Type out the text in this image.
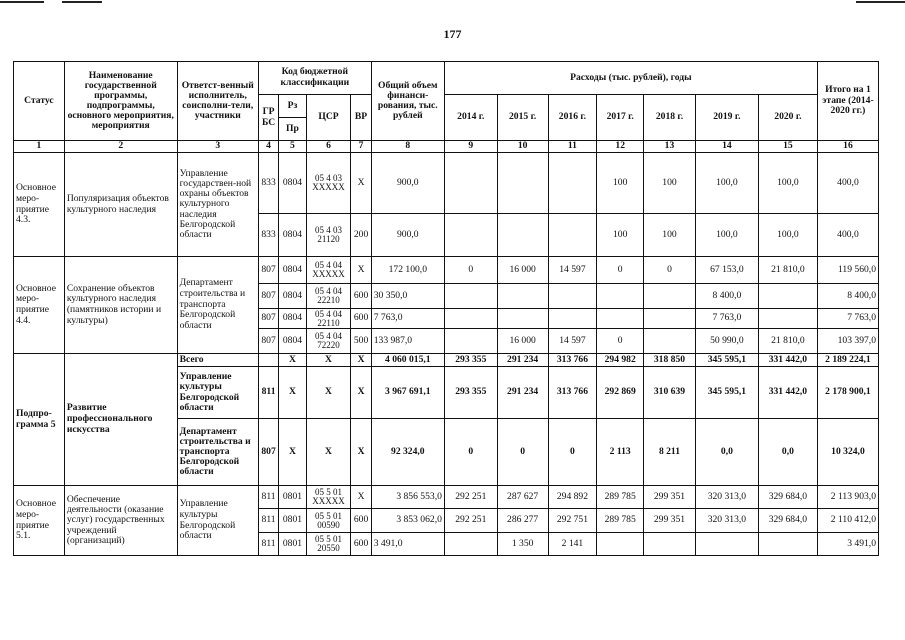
177
Статус	Наименование государственной программы, подпрограммы, основного мероприятия, мероприятия	Ответст-венный исполнитель, соисполни-тели, участники	Код бюджетной классификации				Общий объем финанси-рования, тыс. рублей	Расходы (тыс. рублей), годы							Итого на 1 этапе (2014-2020 гг.)
			ГР БС	Рз	ЦСР	ВР		2014 г.	2015 г.	2016 г.	2017 г.	2018 г.	2019 г.	2020 г.	
				Пр											
1	2	3	4	5	6	7	8	9	10	11	12	13	14	15	16
Основное меро-приятие 4.3.	Популяризация объектов культурного наследия	Управление государствен-ной охраны объектов культурного наследия Белгородской области	833	0804	05 4 03 ХХХХХ	Х	900,0				100	100	100,0	100,0	400,0
			833	0804	05 4 03 21120	200	900,0				100	100	100,0	100,0	400,0
Основное меро-приятие 4.4.	Сохранение объектов культурного наследия (памятников истории и культуры)	Департамент строительства и транспорта Белгородской области	807	0804	05 4 04 ХХХХХ	Х	172 100,0	0	16 000	14 597	0	0	67 153,0	21 810,0	119 560,0
			807	0804	05 4 04 22210	600	30 350,0						8 400,0		8 400,0
			807	0804	05 4 04 22110	600	7 763,0						7 763,0		7 763,0
			807	0804	05 4 04 72220	500	133 987,0		16 000	14 597	0		50 990,0	21 810,0	103 397,0
Подпро-грамма 5	Развитие профессионального искусства	Всего		Х	Х	Х	4 060 015,1	293 355	291 234	313 766	294 982	318 850	345 595,1	331 442,0	2 189 224,1
		Управление культуры Белгородской области	811	Х	Х	Х	3 967 691,1	293 355	291 234	313 766	292 869	310 639	345 595,1	331 442,0	2 178 900,1
		Департамент строительства и транспорта Белгородской области	807	Х	Х	Х	92 324,0	0	0	0	2 113	8 211	0,0	0,0	10 324,0
Основное меро-приятие 5.1.	Обеспечение деятельности (оказание услуг) государственных учреждений (организаций)	Управление культуры Белгородской области	811	0801	05 5 01 ХХХХХ	Х	3 856 553,0	292 251	287 627	294 892	289 785	299 351	320 313,0	329 684,0	2 113 903,0
			811	0801	05 5 01 00590	600	3 853 062,0	292 251	286 277	292 751	289 785	299 351	320 313,0	329 684,0	2 110 412,0
			811	0801	05 5 01 20550	600	3 491,0		1 350	2 141					3 491,0
